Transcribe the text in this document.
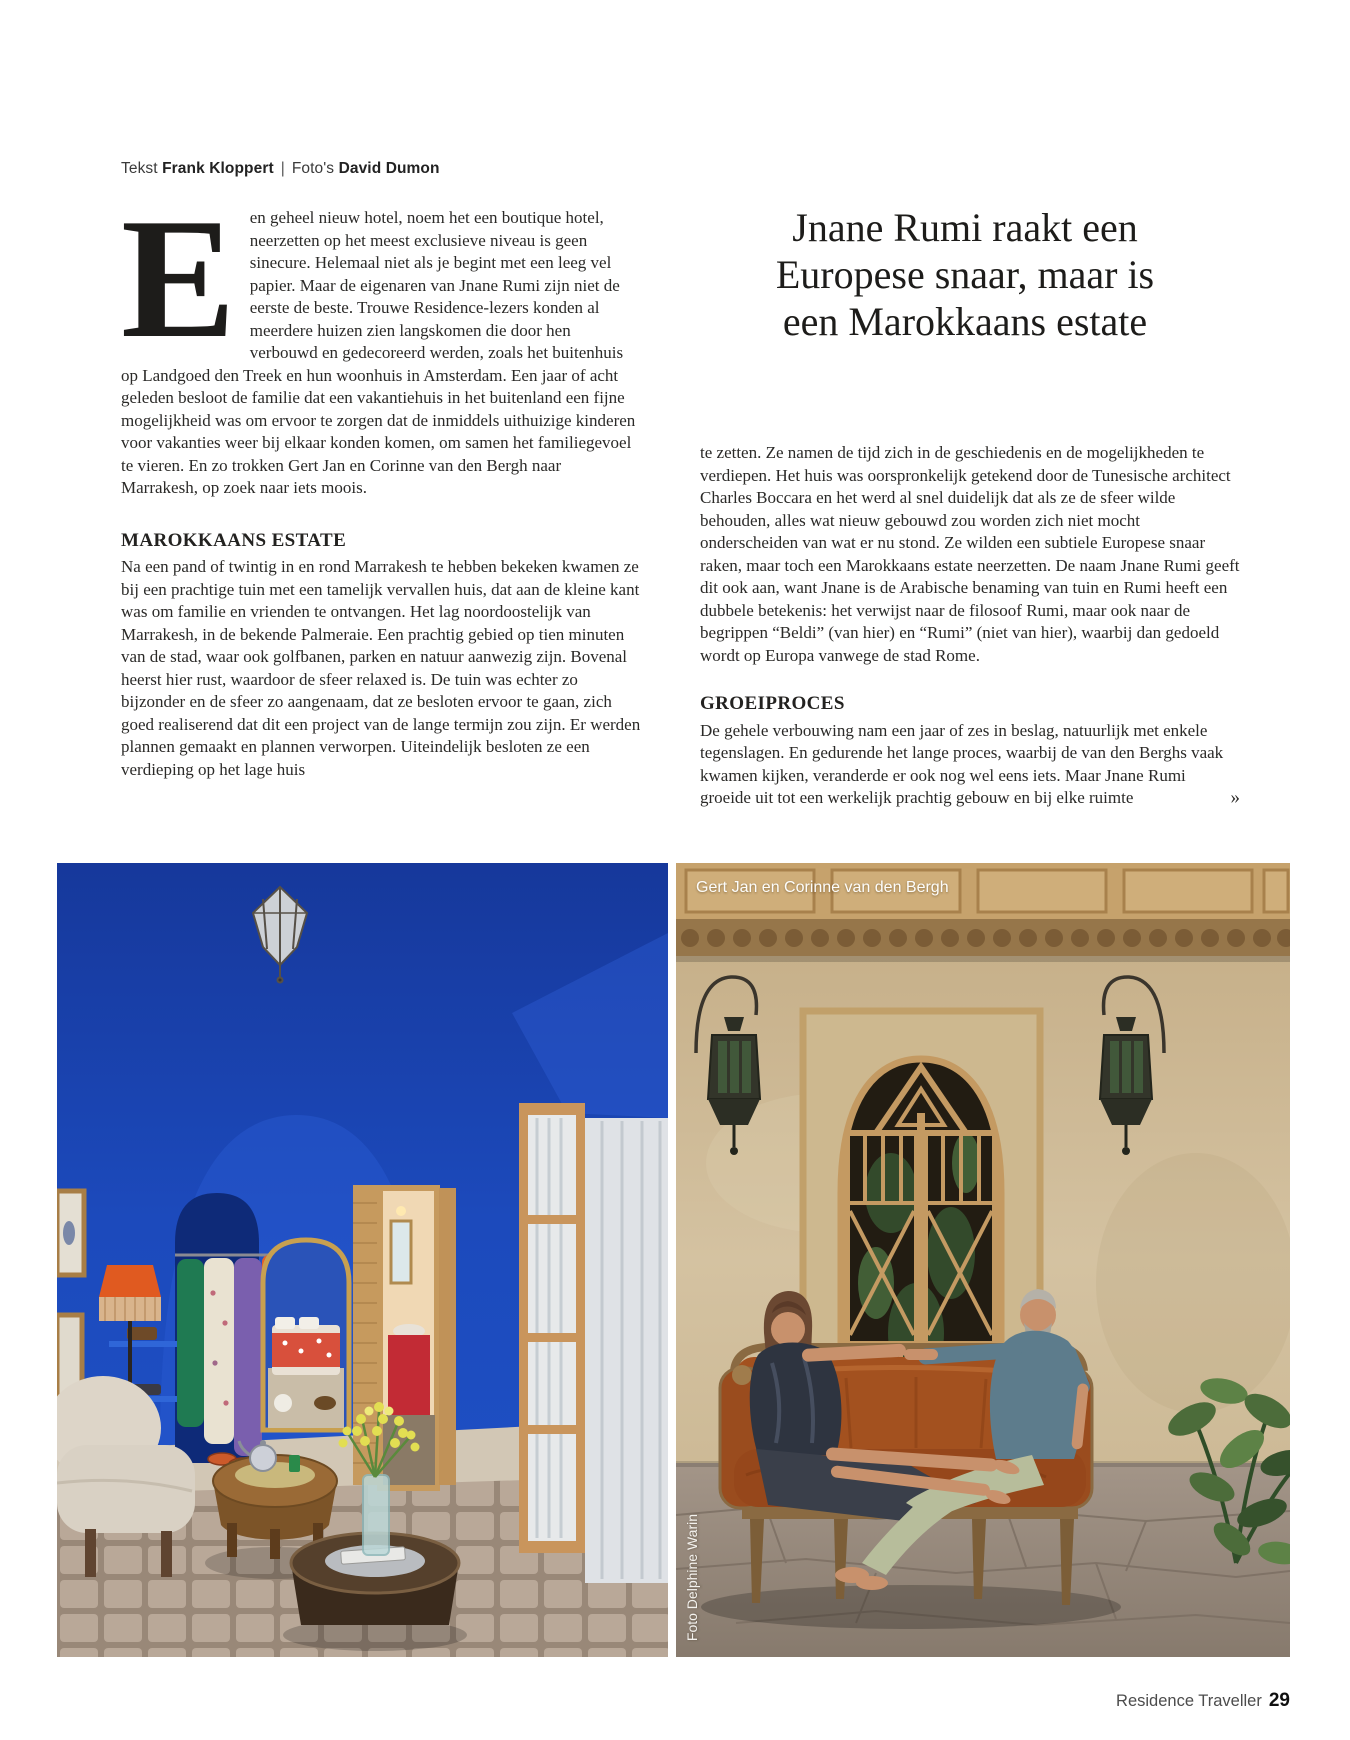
Tekst Frank Kloppert | Foto's David Dumon
Jnane Rumi raakt een
Europese snaar, maar is
een Marokkaans estate
E en geheel nieuw hotel, noem het een boutique hotel, neerzetten op het meest exclusieve niveau is geen sinecure. Helemaal niet als je begint met een leeg vel papier. Maar de eigenaren van Jnane Rumi zijn niet de eerste de beste. Trouwe Residence-lezers konden al meerdere huizen zien langskomen die door hen verbouwd en gedecoreerd werden, zoals het buitenhuis op Landgoed den Treek en hun woonhuis in Amsterdam. Een jaar of acht geleden besloot de familie dat een vakantiehuis in het buitenland een fijne mogelijkheid was om ervoor te zorgen dat de inmiddels uithuizige kinderen voor vakanties weer bij elkaar konden komen, om samen het familiegevoel te vieren. En zo trokken Gert Jan en Corinne van den Bergh naar Marrakesh, op zoek naar iets moois.

MAROKKAANS ESTATE

Na een pand of twintig in en rond Marrakesh te hebben bekeken kwamen ze bij een prachtige tuin met een tamelijk vervallen huis, dat aan de kleine kant was om familie en vrienden te ontvangen. Het lag noordoostelijk van Marrakesh, in de bekende Palmeraie. Een prachtig gebied op tien minuten van de stad, waar ook golfbanen, parken en natuur aanwezig zijn. Bovenal heerst hier rust, waardoor de sfeer relaxed is. De tuin was echter zo bijzonder en de sfeer zo aangenaam, dat ze besloten ervoor te gaan, zich goed realiserend dat dit een project van de lange termijn zou zijn. Er werden plannen gemaakt en plannen verworpen. Uiteindelijk besloten ze een verdieping op het lage huis

te zetten. Ze namen de tijd zich in de geschiedenis en de mogelijkheden te verdiepen. Het huis was oorspronkelijk getekend door de Tunesische architect Charles Boccara en het werd al snel duidelijk dat als ze de sfeer wilde behouden, alles wat nieuw gebouwd zou worden zich niet mocht onderscheiden van wat er nu stond. Ze wilden een subtiele Europese snaar raken, maar toch een Marokkaans estate neerzetten. De naam Jnane Rumi geeft dit ook aan, want Jnane is de Arabische benaming van tuin en Rumi heeft een dubbele betekenis: het verwijst naar de filosoof Rumi, maar ook naar de begrippen “Beldi” (van hier) en “Rumi” (niet van hier), waarbij dan gedoeld wordt op Europa vanwege de stad Rome.

GROEIPROCES

De gehele verbouwing nam een jaar of zes in beslag, natuurlijk met enkele tegenslagen. En gedurende het lange proces, waarbij de van den Berghs vaak kwamen kijken, veranderde er ook nog wel eens iets. Maar Jnane Rumi groeide uit tot een werkelijk prachtig gebouw en bij elke ruimte	»

Gert Jan en Corinne van den Bergh
Foto Delphine Warin
Residence Traveller 29
